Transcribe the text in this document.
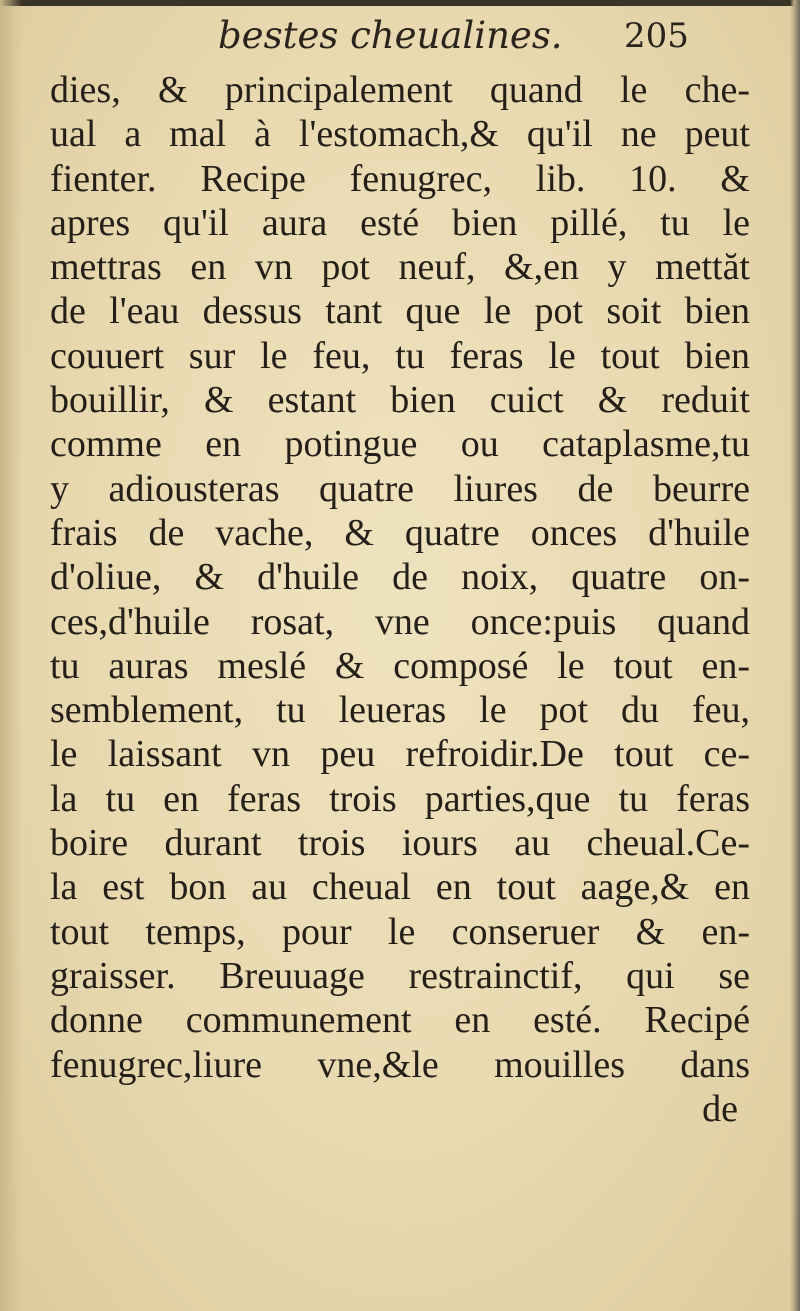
bestes cheualines. 205
dies, & principalement quand le che-
ual a mal à l'estomach,& qu'il ne peut
fienter. Recipe fenugrec, lib. 10. &
apres qu'il aura esté bien pillé, tu le
mettras en vn pot neuf, &,en y mettăt
de l'eau dessus tant que le pot soit bien
couuert sur le feu, tu feras le tout bien
bouillir, & estant bien cuict & reduit
comme en potingue ou cataplasme,tu
y adiousteras quatre liures de beurre
frais de vache, & quatre onces d'huile
d'oliue, & d'huile de noix, quatre on-
ces,d'huile rosat, vne once:puis quand
tu auras meslé & composé le tout en-
semblement, tu leueras le pot du feu,
le laissant vn peu refroidir.De tout ce-
la tu en feras trois parties,que tu feras
boire durant trois iours au cheual.Ce-
la est bon au cheual en tout aage,& en
tout temps, pour le conseruer & en-
graisser. Breuuage restrainctif, qui se
donne communement en esté. Recipé
fenugrec,liure vne,&le mouilles dans
de
